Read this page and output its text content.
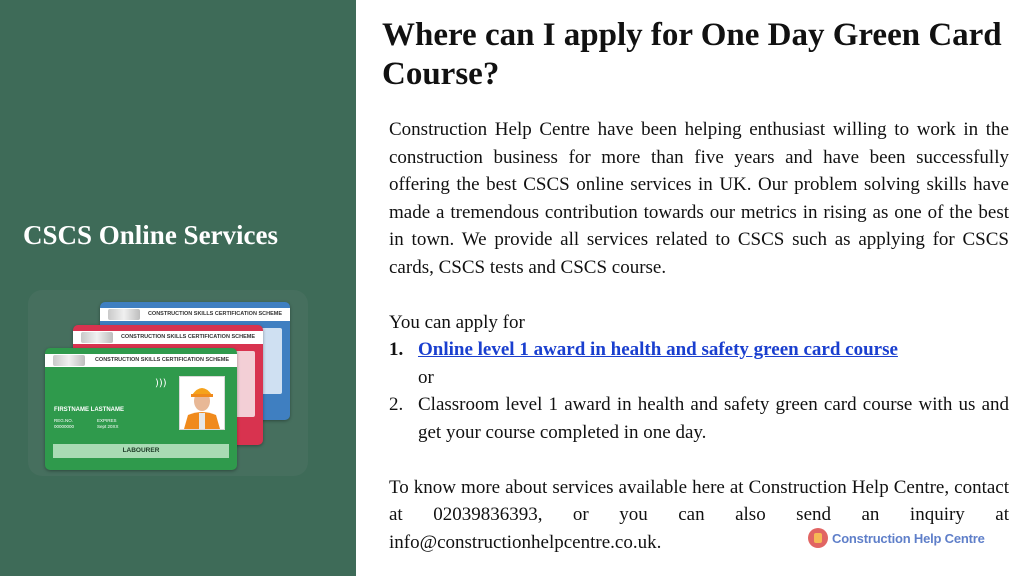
CSCS Online Services
CONSTRUCTION SKILLS CERTIFICATION SCHEME
CONSTRUCTION SKILLS CERTIFICATION SCHEME
CONSTRUCTION SKILLS CERTIFICATION SCHEME
)))
FIRSTNAME LASTNAME
REG.NO.
00000000
EXPIRES
Sept 20XX
LABOURER
Where can I apply for One Day Green Card Course?

Construction Help Centre have been helping enthusiast willing to work in the construction business for more than five years and have been successfully offering the best CSCS online services in UK. Our problem solving skills have made a tremendous contribution towards our metrics in rising as one of the best in town. We provide all services related to CSCS such as applying for CSCS cards, CSCS tests and CSCS course.

You can apply for

1. Online level 1 award in health and safety green card course
or
2. Classroom level 1 award in health and safety green card course with us and get your course completed in one day.

To know more about services available here at Construction Help Centre, contact at 02039836393, or you can also send an inquiry at info@constructionhelpcentre.co.uk.	Construction Help Centre
